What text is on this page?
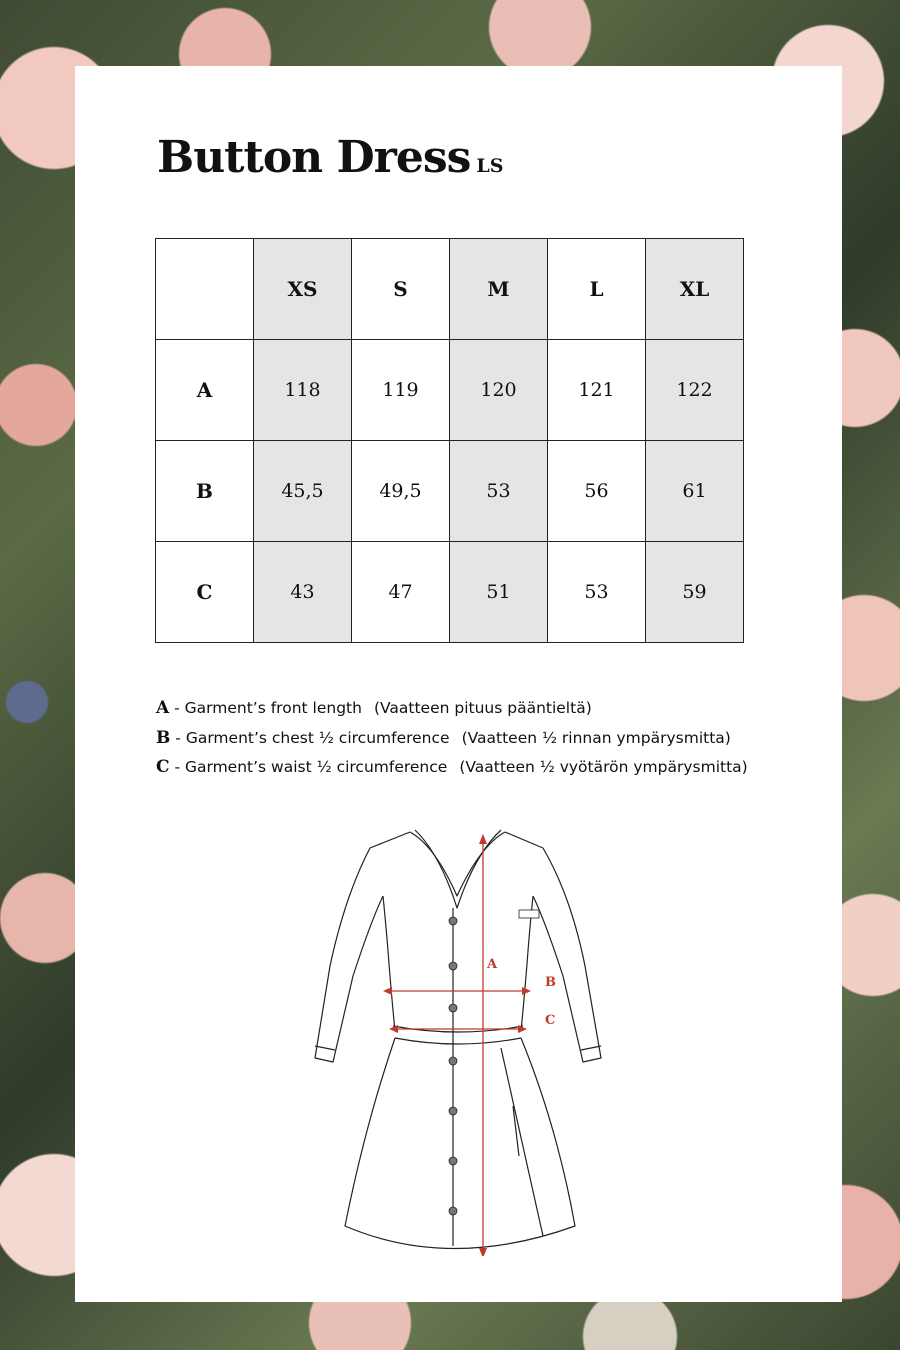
Button Dress LS
	XS	S	M	L	XL
A	118	119	120	121	122
B	45,5	49,5	53	56	61
C	43	47	51	53	59
A - Garment’s front length (Vaatteen pituus pääntieltä)
B - Garment’s chest ½ circumference (Vaatteen ½ rinnan ympärysmitta)
C - Garment’s waist ½ circumference (Vaatteen ½ vyötärön ympärysmitta)
A
B
C
